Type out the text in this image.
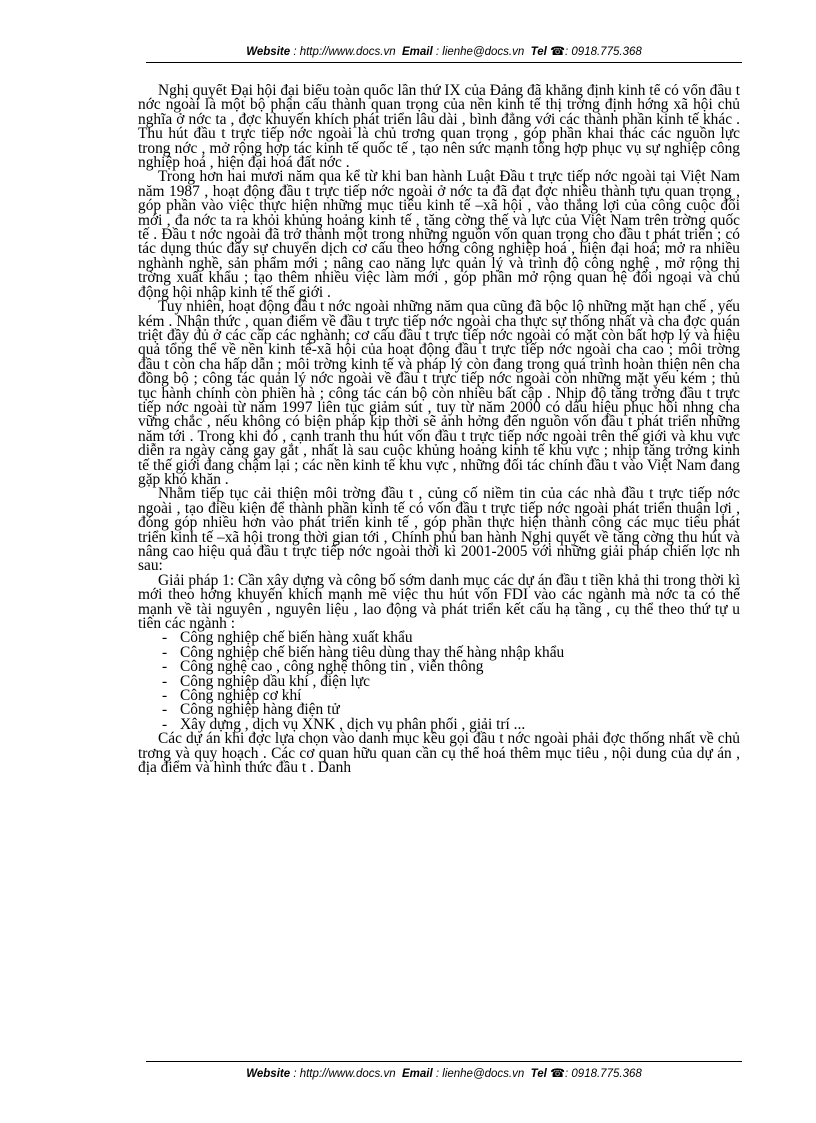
Website : http://www.docs.vn Email : lienhe@docs.vn Tel ☎: 0918.775.368

Nghị quyết Đại hội đại biểu toàn quốc lần thứ IX của Đảng đã khẳng định kinh tế có vốn đầu t nớc ngoài là một bộ phận cấu thành quan trọng của nền kinh tế thị trờng định hớng xã hội chủ nghĩa ở nớc ta , đợc khuyến khích phát triển lâu dài , bình đẳng với các thành phần kinh tế khác . Thu hút đầu t trực tiếp nớc ngoài là chủ trơng quan trọng , góp phần khai thác các nguồn lực trong nớc , mở rộng hợp tác kinh tế quốc tế , tạo nên sức mạnh tổng hợp phục vụ sự nghiệp công nghiệp hoá , hiện đại hoá đất nớc .

Trong hơn hai mươi năm qua kể từ khi ban hành Luật Đầu t trực tiếp nớc ngoài tại Việt Nam năm 1987 , hoạt động đầu t trực tiếp nớc ngoài ở nớc ta đã đạt đợc nhiều thành tựu quan trọng , góp phần vào việc thực hiện những mục tiêu kinh tế –xã hội , vào thắng lợi của công cuộc đổi mới , đa nớc ta ra khỏi khủng hoảng kinh tế , tăng cờng thế và lực của Việt Nam trên trờng quốc tế . Đầu t nớc ngoài đã trở thành một trong những nguồn vốn quan trọng cho đầu t phát triển ; có tác dụng thúc đẩy sự chuyển dịch cơ cấu theo hớng công nghiệp hoá , hiện đại hoá; mở ra nhiều nghành nghề, sản phẩm mới ; nâng cao năng lực quản lý và trình độ công nghệ , mở rộng thị trờng xuất khẩu ; tạo thêm nhiều việc làm mới , góp phần mở rộng quan hệ đối ngoại và chủ động hội nhập kinh tế thế giới .

Tuy nhiên, hoạt động đầu t nớc ngoài những năm qua cũng đã bộc lộ những mặt hạn chế , yếu kém . Nhận thức , quan điểm về đầu t trực tiếp nớc ngoài cha thực sự thống nhất và cha đợc quán triệt đầy đủ ở các cấp các nghành; cơ cấu đầu t trực tiếp nớc ngoài có mặt còn bất hợp lý và hiệu quả tổng thể về nền kinh tế-xã hội của hoạt động đầu t trực tiếp nớc ngoài cha cao ; môi trờng đầu t còn cha hấp dẫn ; môi trờng kinh tế và pháp lý còn đang trong quá trình hoàn thiện nên cha đồng bộ ; công tác quản lý nớc ngoài về đầu t trực tiếp nớc ngoài còn những mặt yếu kém ; thủ tục hành chính còn phiền hà ; công tác cán bộ còn nhiều bất cập . Nhịp độ tăng trởng đầu t trực tiếp nớc ngoài từ năm 1997 liên tục giảm sút , tuy từ năm 2000 có dấu hiệu phục hồi nhng cha vững chắc , nếu không có biện pháp kịp thời sẽ ảnh hởng đến nguồn vốn đầu t phát triển những năm tới . Trong khi đó , cạnh tranh thu hút vốn đầu t trực tiếp nớc ngoài trên thế giới và khu vực diễn ra ngày càng gay gắt , nhất là sau cuộc khủng hoảng kinh tế khu vực ; nhịp tăng trởng kinh tế thế giới đang chậm lại ; các nền kinh tế khu vực , những đối tác chính đầu t vào Việt Nam đang gặp khó khăn .

Nhằm tiếp tục cải thiện môi trờng đầu t , củng cố niềm tin của các nhà đầu t trực tiếp nớc ngoài , tạo điều kiện để thành phần kinh tế có vốn đầu t trực tiếp nớc ngoài phát triển thuận lợi , đóng góp nhiều hơn vào phát triển kinh tế , góp phần thực hiện thành công các mục tiêu phát triển kinh tế –xã hội trong thời gian tới , Chính phủ ban hành Nghị quyết về tăng cờng thu hút và nâng cao hiệu quả đầu t trực tiếp nớc ngoài thời kì 2001-2005 với những giải pháp chiến lợc nh sau:

Giải pháp 1: Cần xây dựng và công bố sớm danh mục các dự án đầu t tiền khả thi trong thời kì mới theo hớng khuyến khích mạnh mẽ việc thu hút vốn FDI vào các ngành mà nớc ta có thế mạnh về tài nguyên , nguyên liệu , lao động và phát triển kết cấu hạ tầng , cụ thể theo thứ tự u tiên các ngành :

- Công nghiệp chế biến hàng xuất khẩu
- Công nghiệp chế biến hàng tiêu dùng thay thế hàng nhập khẩu
- Công nghệ cao , công nghệ thông tin , viễn thông
- Công nghiệp dầu khí , điện lực
- Công nghiệp cơ khí
- Công nghiệp hàng điện tử
- Xây dựng , dịch vụ XNK , dịch vụ phân phối , giải trí ...

Các dự án khi đợc lựa chọn vào danh mục kêu gọi đầu t nớc ngoài phải đợc thống nhất về chủ trơng và quy hoạch . Các cơ quan hữu quan cần cụ thể hoá thêm mục tiêu , nội dung của dự án , địa điểm và hình thức đầu t . Danh

Website : http://www.docs.vn Email : lienhe@docs.vn Tel ☎: 0918.775.368
